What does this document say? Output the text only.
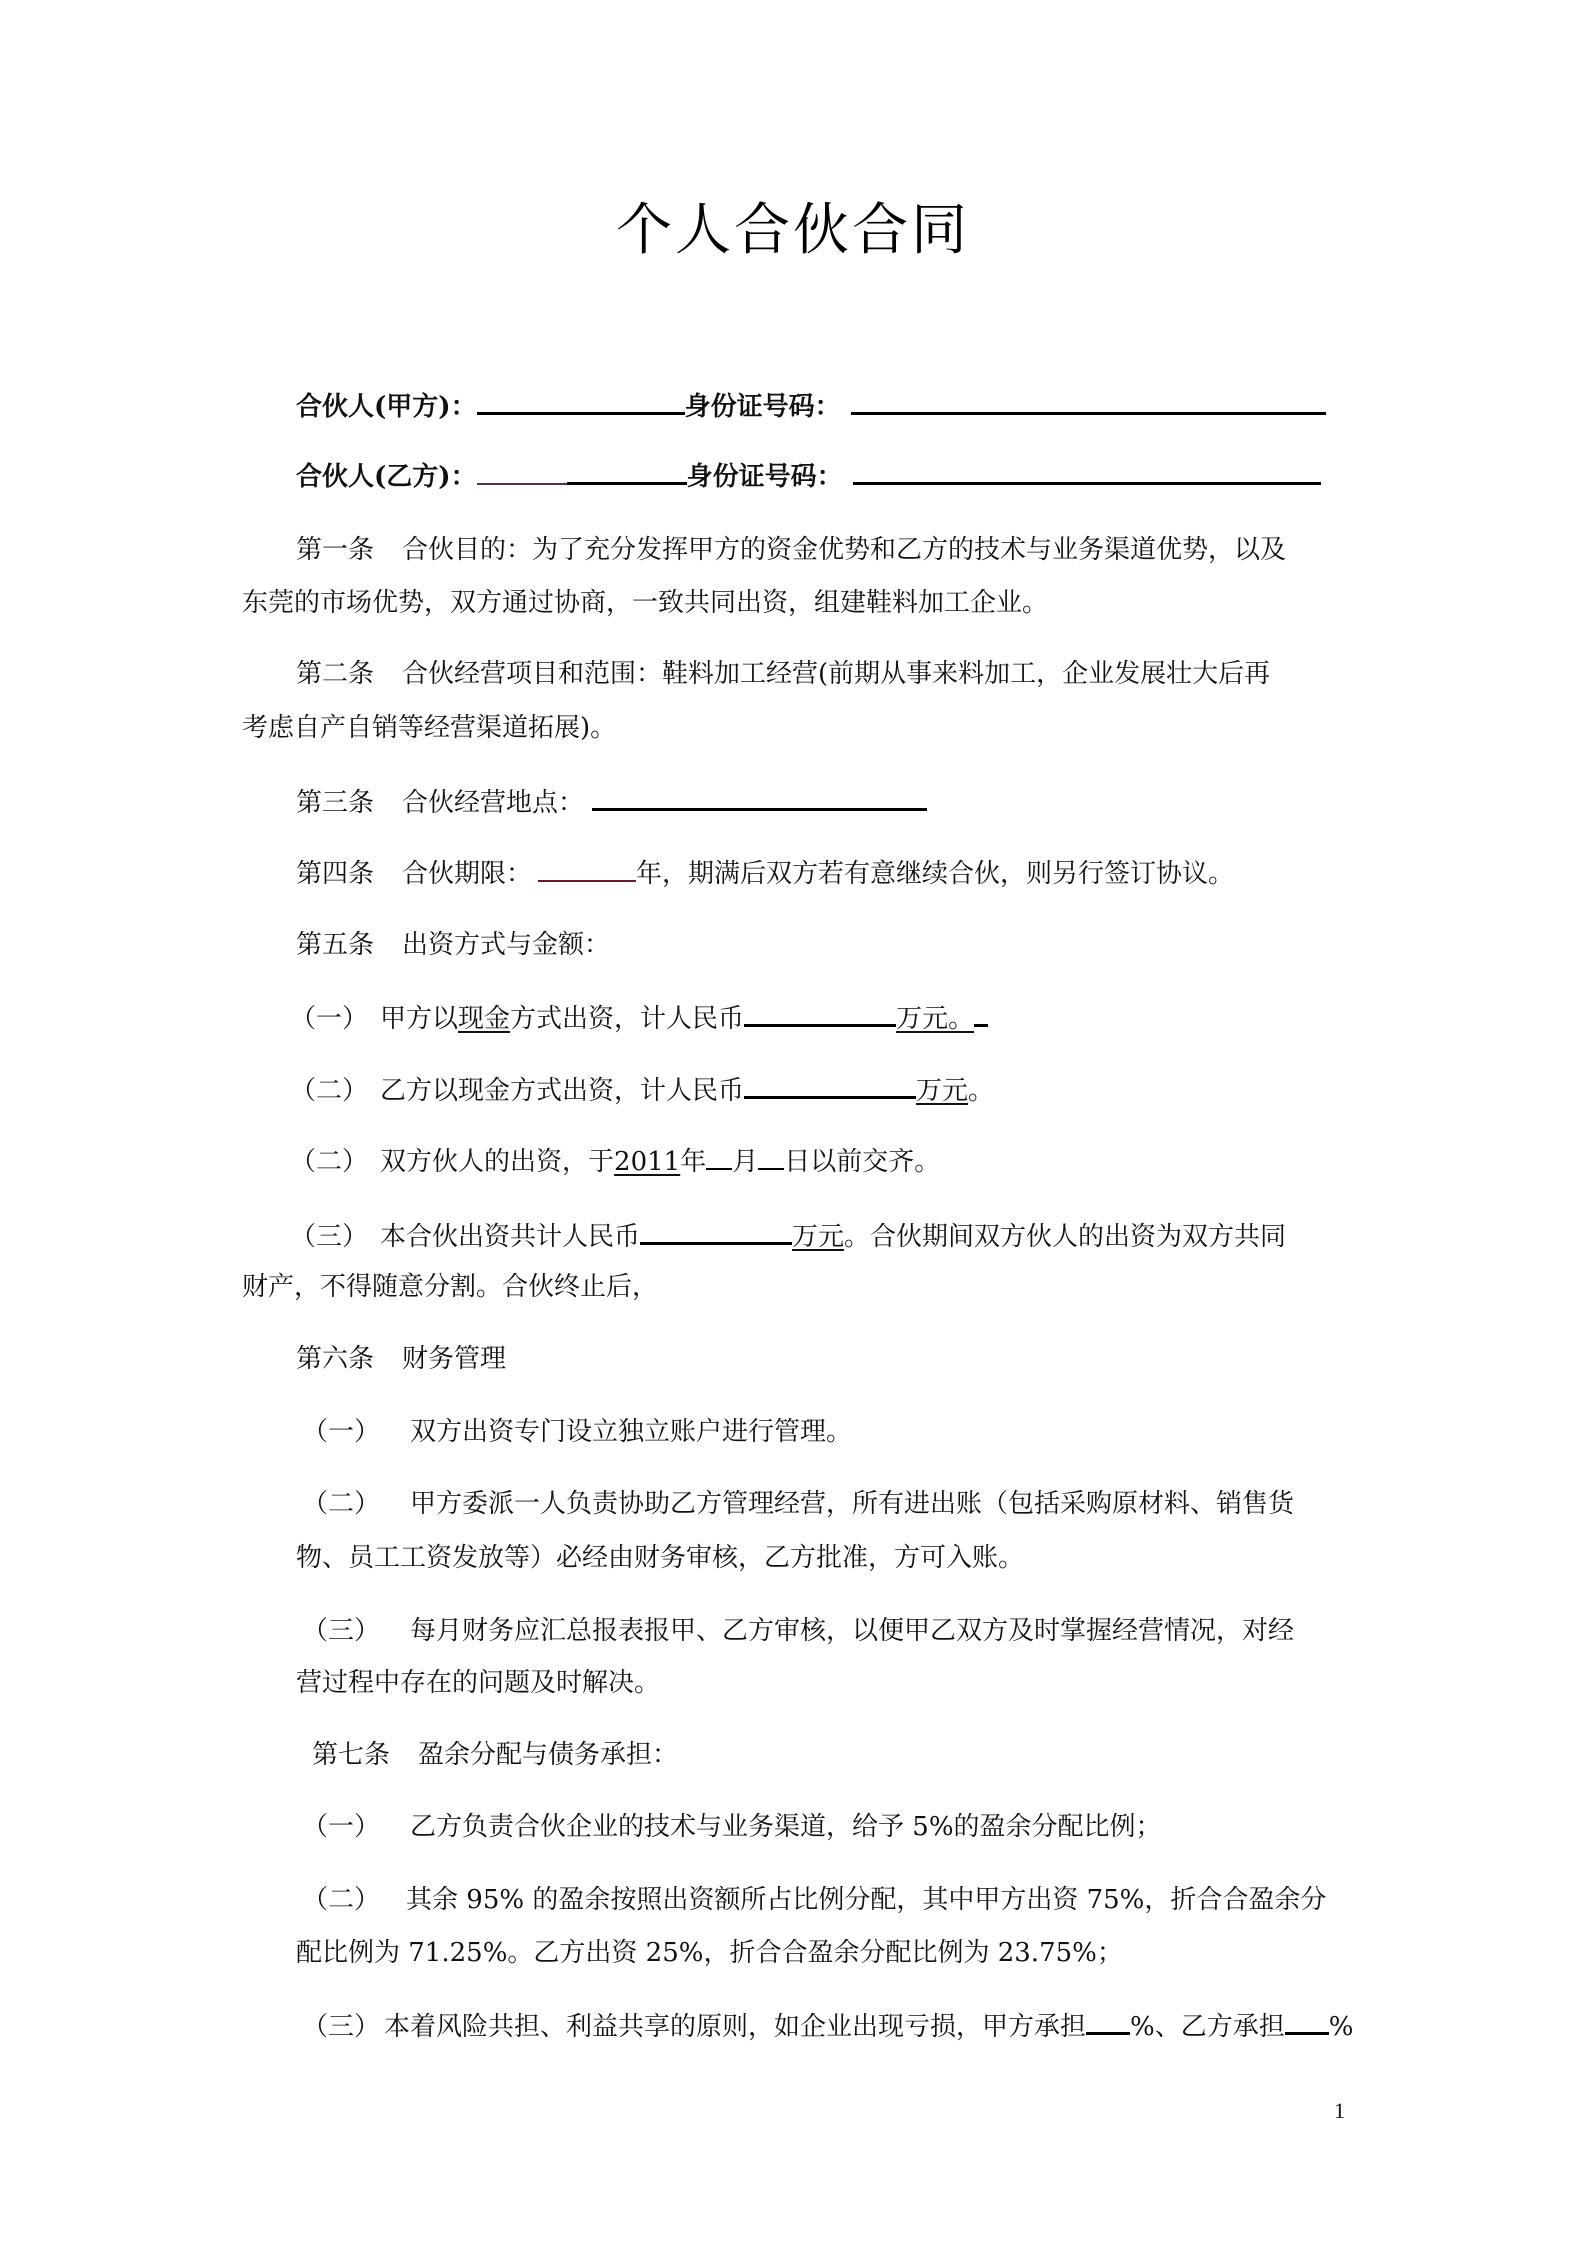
个人合伙合同
合伙人(甲方)：	身份证号码：
合伙人(乙方)：	身份证号码：
第一条 合伙目的：为了充分发挥甲方的资金优势和乙方的技术与业务渠道优势，以及
东莞的市场优势，双方通过协商，一致共同出资，组建鞋料加工企业。
第二条 合伙经营项目和范围：鞋料加工经营(前期从事来料加工，企业发展壮大后再
考虑自产自销等经营渠道拓展)。
第三条 合伙经营地点：
第四条 合伙期限：	年，期满后双方若有意继续合伙，则另行签订协议。
第五条 出资方式与金额：
（一） 甲方以现金方式出资，计人民币	万元。
（二） 乙方以现金方式出资，计人民币	万元。
（二） 双方伙人的出资，于2011年 月 日以前交齐。
（三） 本合伙出资共计人民币	万元。合伙期间双方伙人的出资为双方共同
财产，不得随意分割。合伙终止后，
第六条 财务管理
（一） 双方出资专门设立独立账户进行管理。
（二） 甲方委派一人负责协助乙方管理经营，所有进出账（包括采购原材料、销售货
物、员工工资发放等）必经由财务审核，乙方批准，方可入账。
（三） 每月财务应汇总报表报甲、乙方审核，以便甲乙双方及时掌握经营情况，对经
营过程中存在的问题及时解决。
第七条 盈余分配与债务承担：
（一） 乙方负责合伙企业的技术与业务渠道，给予 5%的盈余分配比例；
（二） 其余 95% 的盈余按照出资额所占比例分配，其中甲方出资 75%，折合合盈余分
配比例为 71.25%。乙方出资 25%，折合合盈余分配比例为 23.75%；
（三） 本着风险共担、利益共享的原则，如企业出现亏损，甲方承担 %、乙方承担 %
1
